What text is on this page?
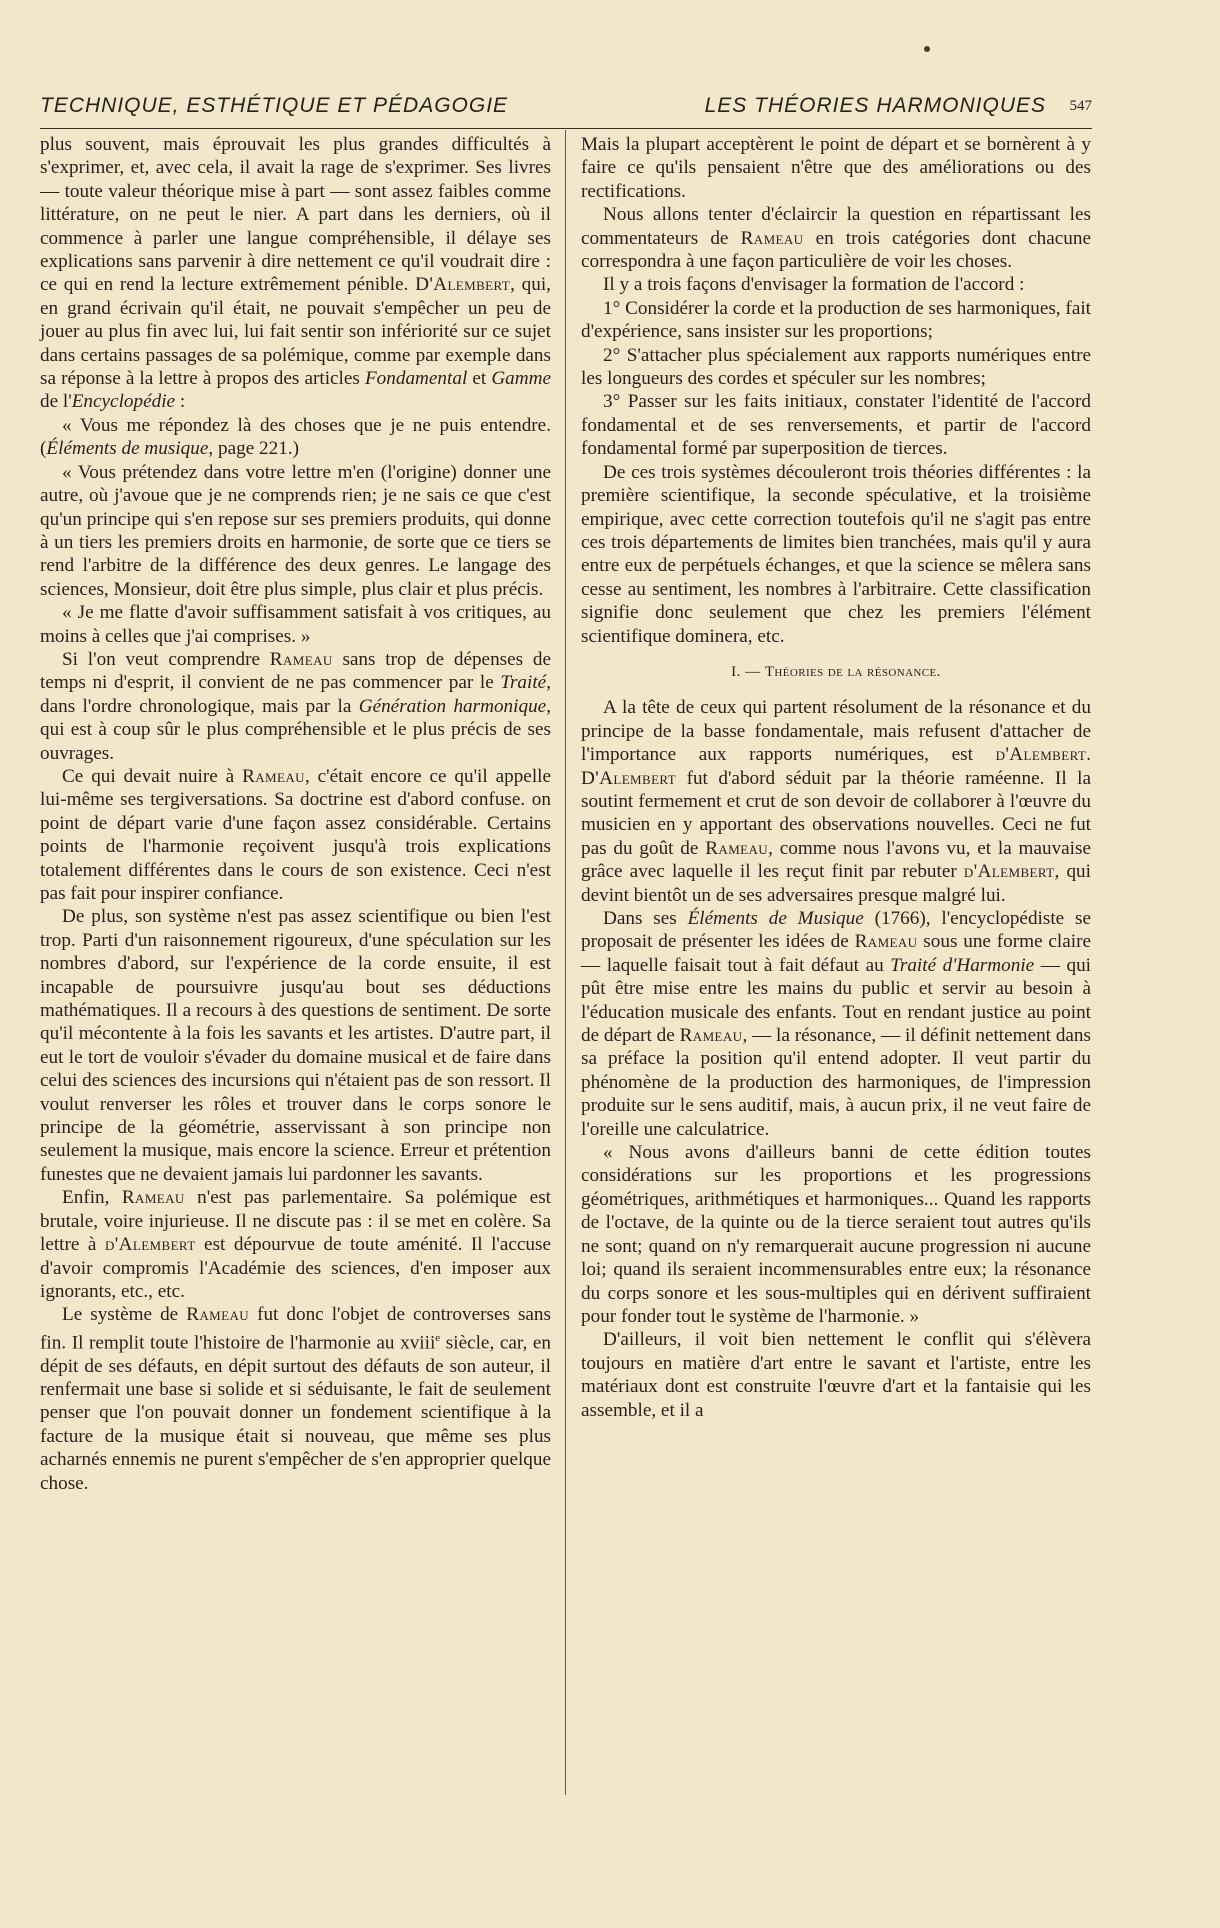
TECHNIQUE, ESTHÉTIQUE ET PÉDAGOGIE	LES THÉORIES HARMONIQUES 547

plus souvent, mais éprouvait les plus grandes difficultés à s'exprimer, et, avec cela, il avait la rage de s'exprimer. Ses livres — toute valeur théorique mise à part — sont assez faibles comme littérature, on ne peut le nier. A part dans les derniers, où il commence à parler une langue compréhensible, il délaye ses explications sans parvenir à dire nettement ce qu'il voudrait dire : ce qui en rend la lecture extrêmement pénible. D'Alembert, qui, en grand écrivain qu'il était, ne pouvait s'empêcher un peu de jouer au plus fin avec lui, lui fait sentir son infériorité sur ce sujet dans certains passages de sa polémique, comme par exemple dans sa réponse à la lettre à propos des articles Fondamental et Gamme de l'Encyclopédie :

« Vous me répondez là des choses que je ne puis entendre. (Éléments de musique, page 221.)

« Vous prétendez dans votre lettre m'en (l'origine) donner une autre, où j'avoue que je ne comprends rien; je ne sais ce que c'est qu'un principe qui s'en repose sur ses premiers produits, qui donne à un tiers les premiers droits en harmonie, de sorte que ce tiers se rend l'arbitre de la différence des deux genres. Le langage des sciences, Monsieur, doit être plus simple, plus clair et plus précis.

« Je me flatte d'avoir suffisamment satisfait à vos critiques, au moins à celles que j'ai comprises. »

Si l'on veut comprendre Rameau sans trop de dépenses de temps ni d'esprit, il convient de ne pas commencer par le Traité, dans l'ordre chronologique, mais par la Génération harmonique, qui est à coup sûr le plus compréhensible et le plus précis de ses ouvrages.

Ce qui devait nuire à Rameau, c'était encore ce qu'il appelle lui-même ses tergiversations. Sa doctrine est d'abord confuse. on point de départ varie d'une façon assez considérable. Certains points de l'harmonie reçoivent jusqu'à trois explications totalement différentes dans le cours de son existence. Ceci n'est pas fait pour inspirer confiance.

De plus, son système n'est pas assez scientifique ou bien l'est trop. Parti d'un raisonnement rigoureux, d'une spéculation sur les nombres d'abord, sur l'expérience de la corde ensuite, il est incapable de poursuivre jusqu'au bout ses déductions mathématiques. Il a recours à des questions de sentiment. De sorte qu'il mécontente à la fois les savants et les artistes. D'autre part, il eut le tort de vouloir s'évader du domaine musical et de faire dans celui des sciences des incursions qui n'étaient pas de son ressort. Il voulut renverser les rôles et trouver dans le corps sonore le principe de la géométrie, asservissant à son principe non seulement la musique, mais encore la science. Erreur et prétention funestes que ne devaient jamais lui pardonner les savants.

Enfin, Rameau n'est pas parlementaire. Sa polémique est brutale, voire injurieuse. Il ne discute pas : il se met en colère. Sa lettre à d'Alembert est dépourvue de toute aménité. Il l'accuse d'avoir compromis l'Académie des sciences, d'en imposer aux ignorants, etc., etc.

Le système de Rameau fut donc l'objet de controverses sans fin. Il remplit toute l'histoire de l'harmonie au xviii$^e$ siècle, car, en dépit de ses défauts, en dépit surtout des défauts de son auteur, il renfermait une base si solide et si séduisante, le fait de seulement penser que l'on pouvait donner un fondement scientifique à la facture de la musique était si nouveau, que même ses plus acharnés ennemis ne purent s'empêcher de s'en approprier quelque chose.

Mais la plupart acceptèrent le point de départ et se bornèrent à y faire ce qu'ils pensaient n'être que des améliorations ou des rectifications.

Nous allons tenter d'éclaircir la question en répartissant les commentateurs de Rameau en trois catégories dont chacune correspondra à une façon particulière de voir les choses.

Il y a trois façons d'envisager la formation de l'accord :

1° Considérer la corde et la production de ses harmoniques, fait d'expérience, sans insister sur les proportions;

2° S'attacher plus spécialement aux rapports numériques entre les longueurs des cordes et spéculer sur les nombres;

3° Passer sur les faits initiaux, constater l'identité de l'accord fondamental et de ses renversements, et partir de l'accord fondamental formé par superposition de tierces.

De ces trois systèmes découleront trois théories différentes : la première scientifique, la seconde spéculative, et la troisième empirique, avec cette correction toutefois qu'il ne s'agit pas entre ces trois départements de limites bien tranchées, mais qu'il y aura entre eux de perpétuels échanges, et que la science se mêlera sans cesse au sentiment, les nombres à l'arbitraire. Cette classification signifie donc seulement que chez les premiers l'élément scientifique dominera, etc.

I. — Théories de la résonance.

A la tête de ceux qui partent résolument de la résonance et du principe de la basse fondamentale, mais refusent d'attacher de l'importance aux rapports numériques, est d'Alembert. D'Alembert fut d'abord séduit par la théorie raméenne. Il la soutint fermement et crut de son devoir de collaborer à l'œuvre du musicien en y apportant des observations nouvelles. Ceci ne fut pas du goût de Rameau, comme nous l'avons vu, et la mauvaise grâce avec laquelle il les reçut finit par rebuter d'Alembert, qui devint bientôt un de ses adversaires presque malgré lui.

Dans ses Éléments de Musique (1766), l'encyclopédiste se proposait de présenter les idées de Rameau sous une forme claire — laquelle faisait tout à fait défaut au Traité d'Harmonie — qui pût être mise entre les mains du public et servir au besoin à l'éducation musicale des enfants. Tout en rendant justice au point de départ de Rameau, — la résonance, — il définit nettement dans sa préface la position qu'il entend adopter. Il veut partir du phénomène de la production des harmoniques, de l'impression produite sur le sens auditif, mais, à aucun prix, il ne veut faire de l'oreille une calculatrice.

« Nous avons d'ailleurs banni de cette édition toutes considérations sur les proportions et les progressions géométriques, arithmétiques et harmoniques... Quand les rapports de l'octave, de la quinte ou de la tierce seraient tout autres qu'ils ne sont; quand on n'y remarquerait aucune progression ni aucune loi; quand ils seraient incommensurables entre eux; la résonance du corps sonore et les sous-multiples qui en dérivent suffiraient pour fonder tout le système de l'harmonie. »

D'ailleurs, il voit bien nettement le conflit qui s'élèvera toujours en matière d'art entre le savant et l'artiste, entre les matériaux dont est construite l'œuvre d'art et la fantaisie qui les assemble, et il a
